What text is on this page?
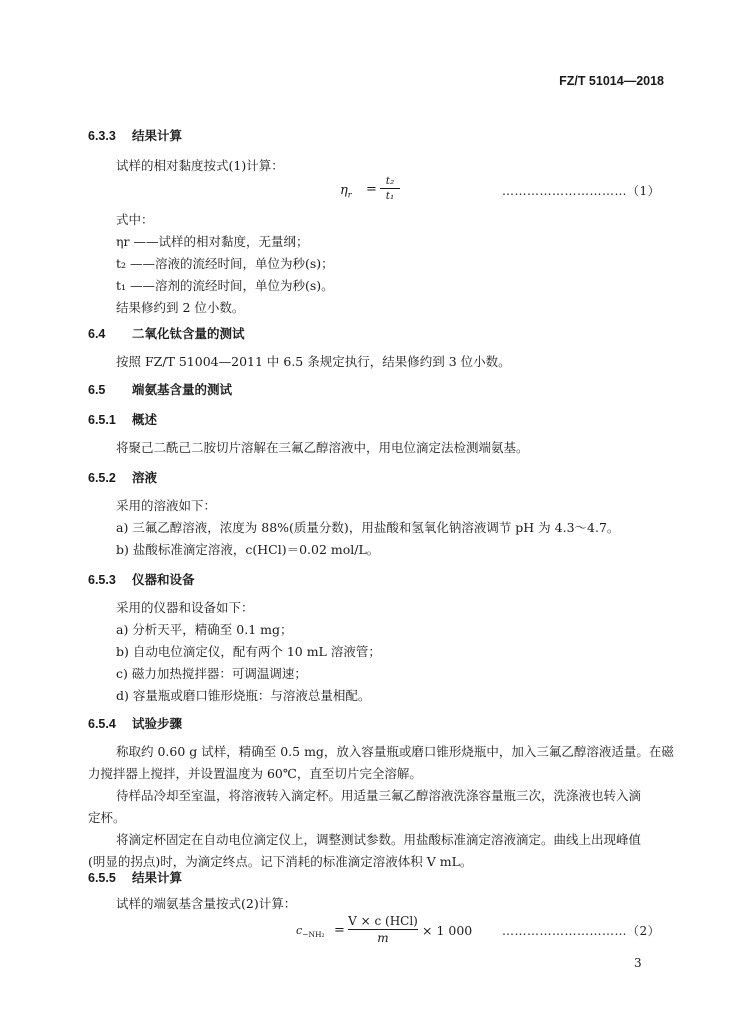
FZ/T 51014—2018
6.3.3 结果计算
试样的相对黏度按式(1)计算：
$\eta_r$ =
t₂
t₁	…………………………（1）
式中：
ηr ——试样的相对黏度，无量纲；
t₂ ——溶液的流经时间，单位为秒(s)；
t₁ ——溶剂的流经时间，单位为秒(s)。
结果修约到 2 位小数。
6.4 二氧化钛含量的测试
按照 FZ/T 51004—2011 中 6.5 条规定执行，结果修约到 3 位小数。
6.5 端氨基含量的测试
6.5.1 概述
将聚己二酰己二胺切片溶解在三氟乙醇溶液中，用电位滴定法检测端氨基。
6.5.2 溶液
采用的溶液如下：
a) 三氟乙醇溶液，浓度为 88%(质量分数)，用盐酸和氢氧化钠溶液调节 pH 为 4.3～4.7。
b) 盐酸标准滴定溶液，c(HCl)＝0.02 mol/L。
6.5.3 仪器和设备
采用的仪器和设备如下：
a) 分析天平，精确至 0.1 mg；
b) 自动电位滴定仪，配有两个 10 mL 溶液管；
c) 磁力加热搅拌器：可调温调速；
d) 容量瓶或磨口锥形烧瓶：与溶液总量相配。
6.5.4 试验步骤
称取约 0.60 g 试样，精确至 0.5 mg，放入容量瓶或磨口锥形烧瓶中，加入三氟乙醇溶液适量。在磁
力搅拌器上搅拌，并设置温度为 60℃，直至切片完全溶解。
待样品冷却至室温，将溶液转入滴定杯。用适量三氟乙醇溶液洗涤容量瓶三次，洗涤液也转入滴
定杯。
将滴定杯固定在自动电位滴定仪上，调整测试参数。用盐酸标准滴定溶液滴定。曲线上出现峰值
(明显的拐点)时，为滴定终点。记下消耗的标准滴定溶液体积 V mL。
6.5.5 结果计算
试样的端氨基含量按式(2)计算：
$c_{-NH_2}$ =
V × c (HCl)
m	× 1 000 …………………………（2）
3
